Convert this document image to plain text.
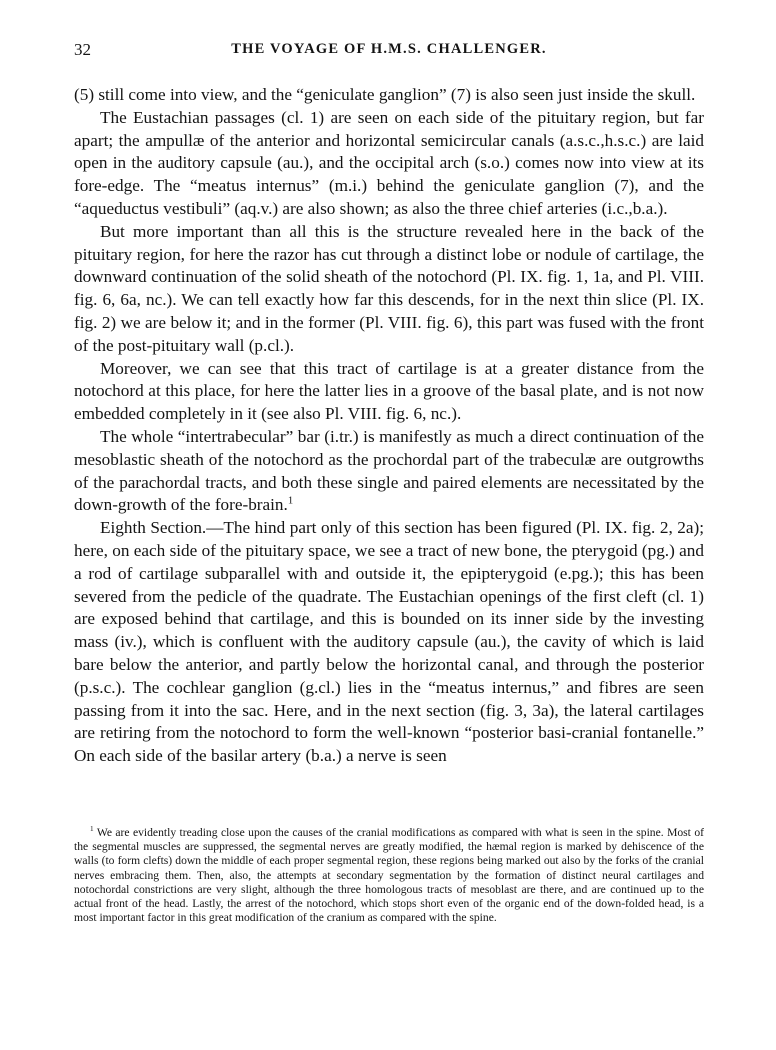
32	THE VOYAGE OF H.M.S. CHALLENGER.

(5) still come into view, and the “geniculate ganglion” (7) is also seen just inside the skull.

The Eustachian passages (cl. 1) are seen on each side of the pituitary region, but far apart; the ampullæ of the anterior and horizontal semicircular canals (a.s.c.,h.s.c.) are laid open in the auditory capsule (au.), and the occipital arch (s.o.) comes now into view at its fore-edge. The “meatus internus” (m.i.) behind the geniculate ganglion (7), and the “aqueductus vestibuli” (aq.v.) are also shown; as also the three chief arteries (i.c.,b.a.).

But more important than all this is the structure revealed here in the back of the pituitary region, for here the razor has cut through a distinct lobe or nodule of cartilage, the downward continuation of the solid sheath of the notochord (Pl. IX. fig. 1, 1a, and Pl. VIII. fig. 6, 6a, nc.). We can tell exactly how far this descends, for in the next thin slice (Pl. IX. fig. 2) we are below it; and in the former (Pl. VIII. fig. 6), this part was fused with the front of the post-pituitary wall (p.cl.).

Moreover, we can see that this tract of cartilage is at a greater distance from the notochord at this place, for here the latter lies in a groove of the basal plate, and is not now embedded completely in it (see also Pl. VIII. fig. 6, nc.).

The whole “intertrabecular” bar (i.tr.) is manifestly as much a direct continuation of the mesoblastic sheath of the notochord as the prochordal part of the trabeculæ are outgrowths of the parachordal tracts, and both these single and paired elements are necessitated by the down-growth of the fore-brain.$^1$

Eighth Section.—The hind part only of this section has been figured (Pl. IX. fig. 2, 2a); here, on each side of the pituitary space, we see a tract of new bone, the pterygoid (pg.) and a rod of cartilage subparallel with and outside it, the epipterygoid (e.pg.); this has been severed from the pedicle of the quadrate. The Eustachian openings of the first cleft (cl. 1) are exposed behind that cartilage, and this is bounded on its inner side by the investing mass (iv.), which is confluent with the auditory capsule (au.), the cavity of which is laid bare below the anterior, and partly below the horizontal canal, and through the posterior (p.s.c.). The cochlear ganglion (g.cl.) lies in the “meatus internus,” and fibres are seen passing from it into the sac. Here, and in the next section (fig. 3, 3a), the lateral cartilages are retiring from the notochord to form the well-known “posterior basi-cranial fontanelle.” On each side of the basilar artery (b.a.) a nerve is seen

$^1$ We are evidently treading close upon the causes of the cranial modifications as compared with what is seen in the spine. Most of the segmental muscles are suppressed, the segmental nerves are greatly modified, the hæmal region is marked by dehiscence of the walls (to form clefts) down the middle of each proper segmental region, these regions being marked out also by the forks of the cranial nerves embracing them. Then, also, the attempts at secondary segmentation by the formation of distinct neural cartilages and notochordal constrictions are very slight, although the three homologous tracts of mesoblast are there, and are continued up to the actual front of the head. Lastly, the arrest of the notochord, which stops short even of the organic end of the down-folded head, is a most important factor in this great modification of the cranium as compared with the spine.
